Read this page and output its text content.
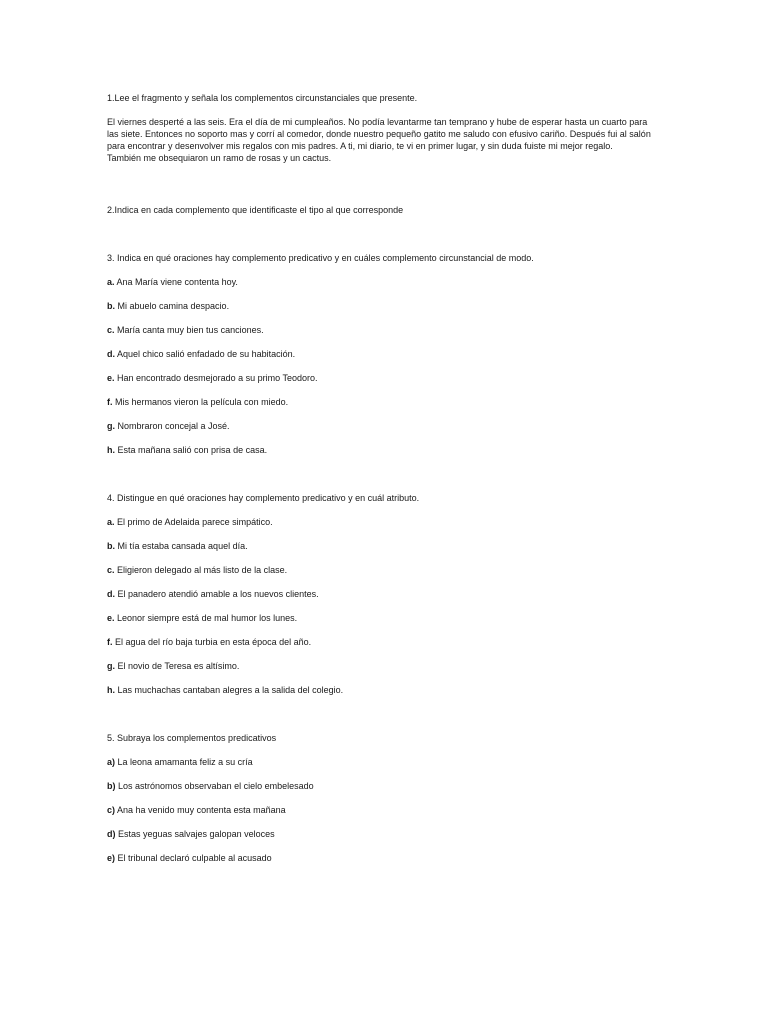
1.Lee el fragmento y señala los complementos circunstanciales que presente.

El viernes desperté a las seis. Era el día de mi cumpleaños. No podía levantarme tan temprano y hube de esperar hasta un cuarto para

las siete. Entonces no soporto mas y corrí al comedor, donde nuestro pequeño gatito me saludo con efusivo cariño. Después fui al salón

para encontrar y desenvolver mis regalos con mis padres. A ti, mi diario, te vi en primer lugar, y sin duda fuiste mi mejor regalo.

También me obsequiaron un ramo de rosas y un cactus.

2.Indica en cada complemento que identificaste el tipo al que corresponde

3. Indica en qué oraciones hay complemento predicativo y en cuáles complemento circunstancial de modo.

a. Ana María viene contenta hoy.
b. Mi abuelo camina despacio.
c. María canta muy bien tus canciones.
d. Aquel chico salió enfadado de su habitación.
e. Han encontrado desmejorado a su primo Teodoro.
f. Mis hermanos vieron la película con miedo.
g. Nombraron concejal a José.
h. Esta mañana salió con prisa de casa.

4. Distingue en qué oraciones hay complemento predicativo y en cuál atributo.

a. El primo de Adelaida parece simpático.
b. Mi tía estaba cansada aquel día.
c. Eligieron delegado al más listo de la clase.
d. El panadero atendió amable a los nuevos clientes.
e. Leonor siempre está de mal humor los lunes.
f. El agua del río baja turbia en esta época del año.
g. El novio de Teresa es altísimo.
h. Las muchachas cantaban alegres a la salida del colegio.

5. Subraya los complementos predicativos

a) La leona amamanta feliz a su cría
b) Los astrónomos observaban el cielo embelesado
c) Ana ha venido muy contenta esta mañana
d) Estas yeguas salvajes galopan veloces
e) El tribunal declaró culpable al acusado
